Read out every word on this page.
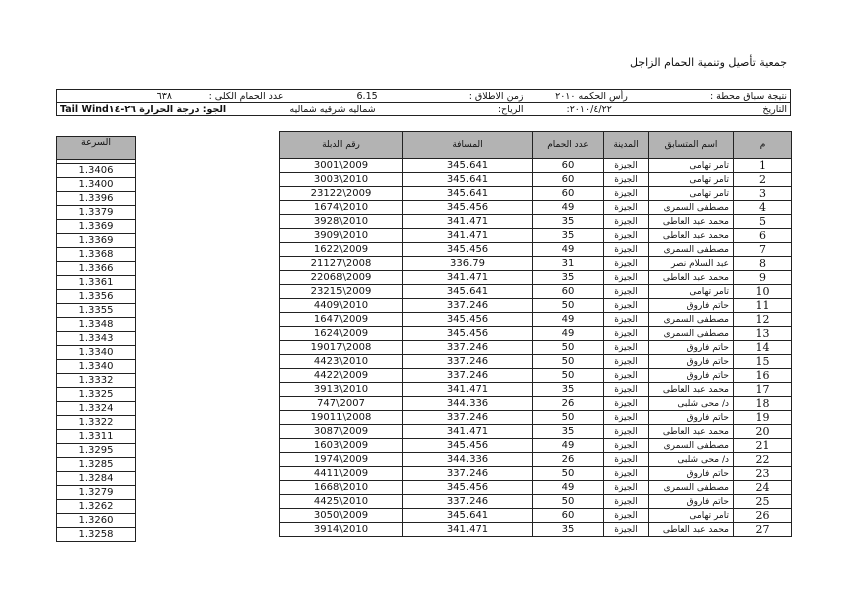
جمعية تأصيل وتنمية الحمام الزاجل
٦٣٨ عدد الحمام الكلى :	6.15	زمن الاطلاق :	رأس الحكمه ٢٠١٠	نتيجة سباق محطة :
Tail Windالجو: درجة الحرارة ٢٦-١٤	شماليه شرقيه شماليه	الرياح:	:٢٠١٠/٤/٢٢	التاريخ
السرعة

1.3406
1.3400
1.3396
1.3379
1.3369
1.3369
1.3368
1.3366
1.3361
1.3356
1.3355
1.3348
1.3343
1.3340
1.3340
1.3332
1.3325
1.3324
1.3322
1.3311
1.3295
1.3285
1.3284
1.3279
1.3262
1.3260
1.3258
رقم الدبلة	المسافة	عدد الحمام	المدينة	اسم المتسابق	م
3001\2009	345.641	60	الجيزة	تامر تهامى	1
3003\2010	345.641	60	الجيزة	تامر تهامى	2
23122\2009	345.641	60	الجيزة	تامر تهامى	3
1674\2010	345.456	49	الجيزة	مصطفى السمرى	4
3928\2010	341.471	35	الجيزة	محمد عبد العاطى	5
3909\2010	341.471	35	الجيزة	محمد عبد العاطى	6
1622\2009	345.456	49	الجيزة	مصطفى السمرى	7
21127\2008	336.79	31	الجيزة	عبد السلام نصر	8
22068\2009	341.471	35	الجيزة	محمد عبد العاطى	9
23215\2009	345.641	60	الجيزة	تامر تهامى	10
4409\2010	337.246	50	الجيزة	حاتم فاروق	11
1647\2009	345.456	49	الجيزة	مصطفى السمرى	12
1624\2009	345.456	49	الجيزة	مصطفى السمرى	13
19017\2008	337.246	50	الجيزة	حاتم فاروق	14
4423\2010	337.246	50	الجيزة	حاتم فاروق	15
4422\2009	337.246	50	الجيزة	حاتم فاروق	16
3913\2010	341.471	35	الجيزة	محمد عبد العاطى	17
747\2007	344.336	26	الجيزة	د/ محى شلبى	18
19011\2008	337.246	50	الجيزة	حاتم فاروق	19
3087\2009	341.471	35	الجيزة	محمد عبد العاطى	20
1603\2009	345.456	49	الجيزة	مصطفى السمرى	21
1974\2009	344.336	26	الجيزة	د/ محى شلبى	22
4411\2009	337.246	50	الجيزة	حاتم فاروق	23
1668\2010	345.456	49	الجيزة	مصطفى السمرى	24
4425\2010	337.246	50	الجيزة	حاتم فاروق	25
3050\2009	345.641	60	الجيزة	تامر تهامى	26
3914\2010	341.471	35	الجيزة	محمد عبد العاطى	27
